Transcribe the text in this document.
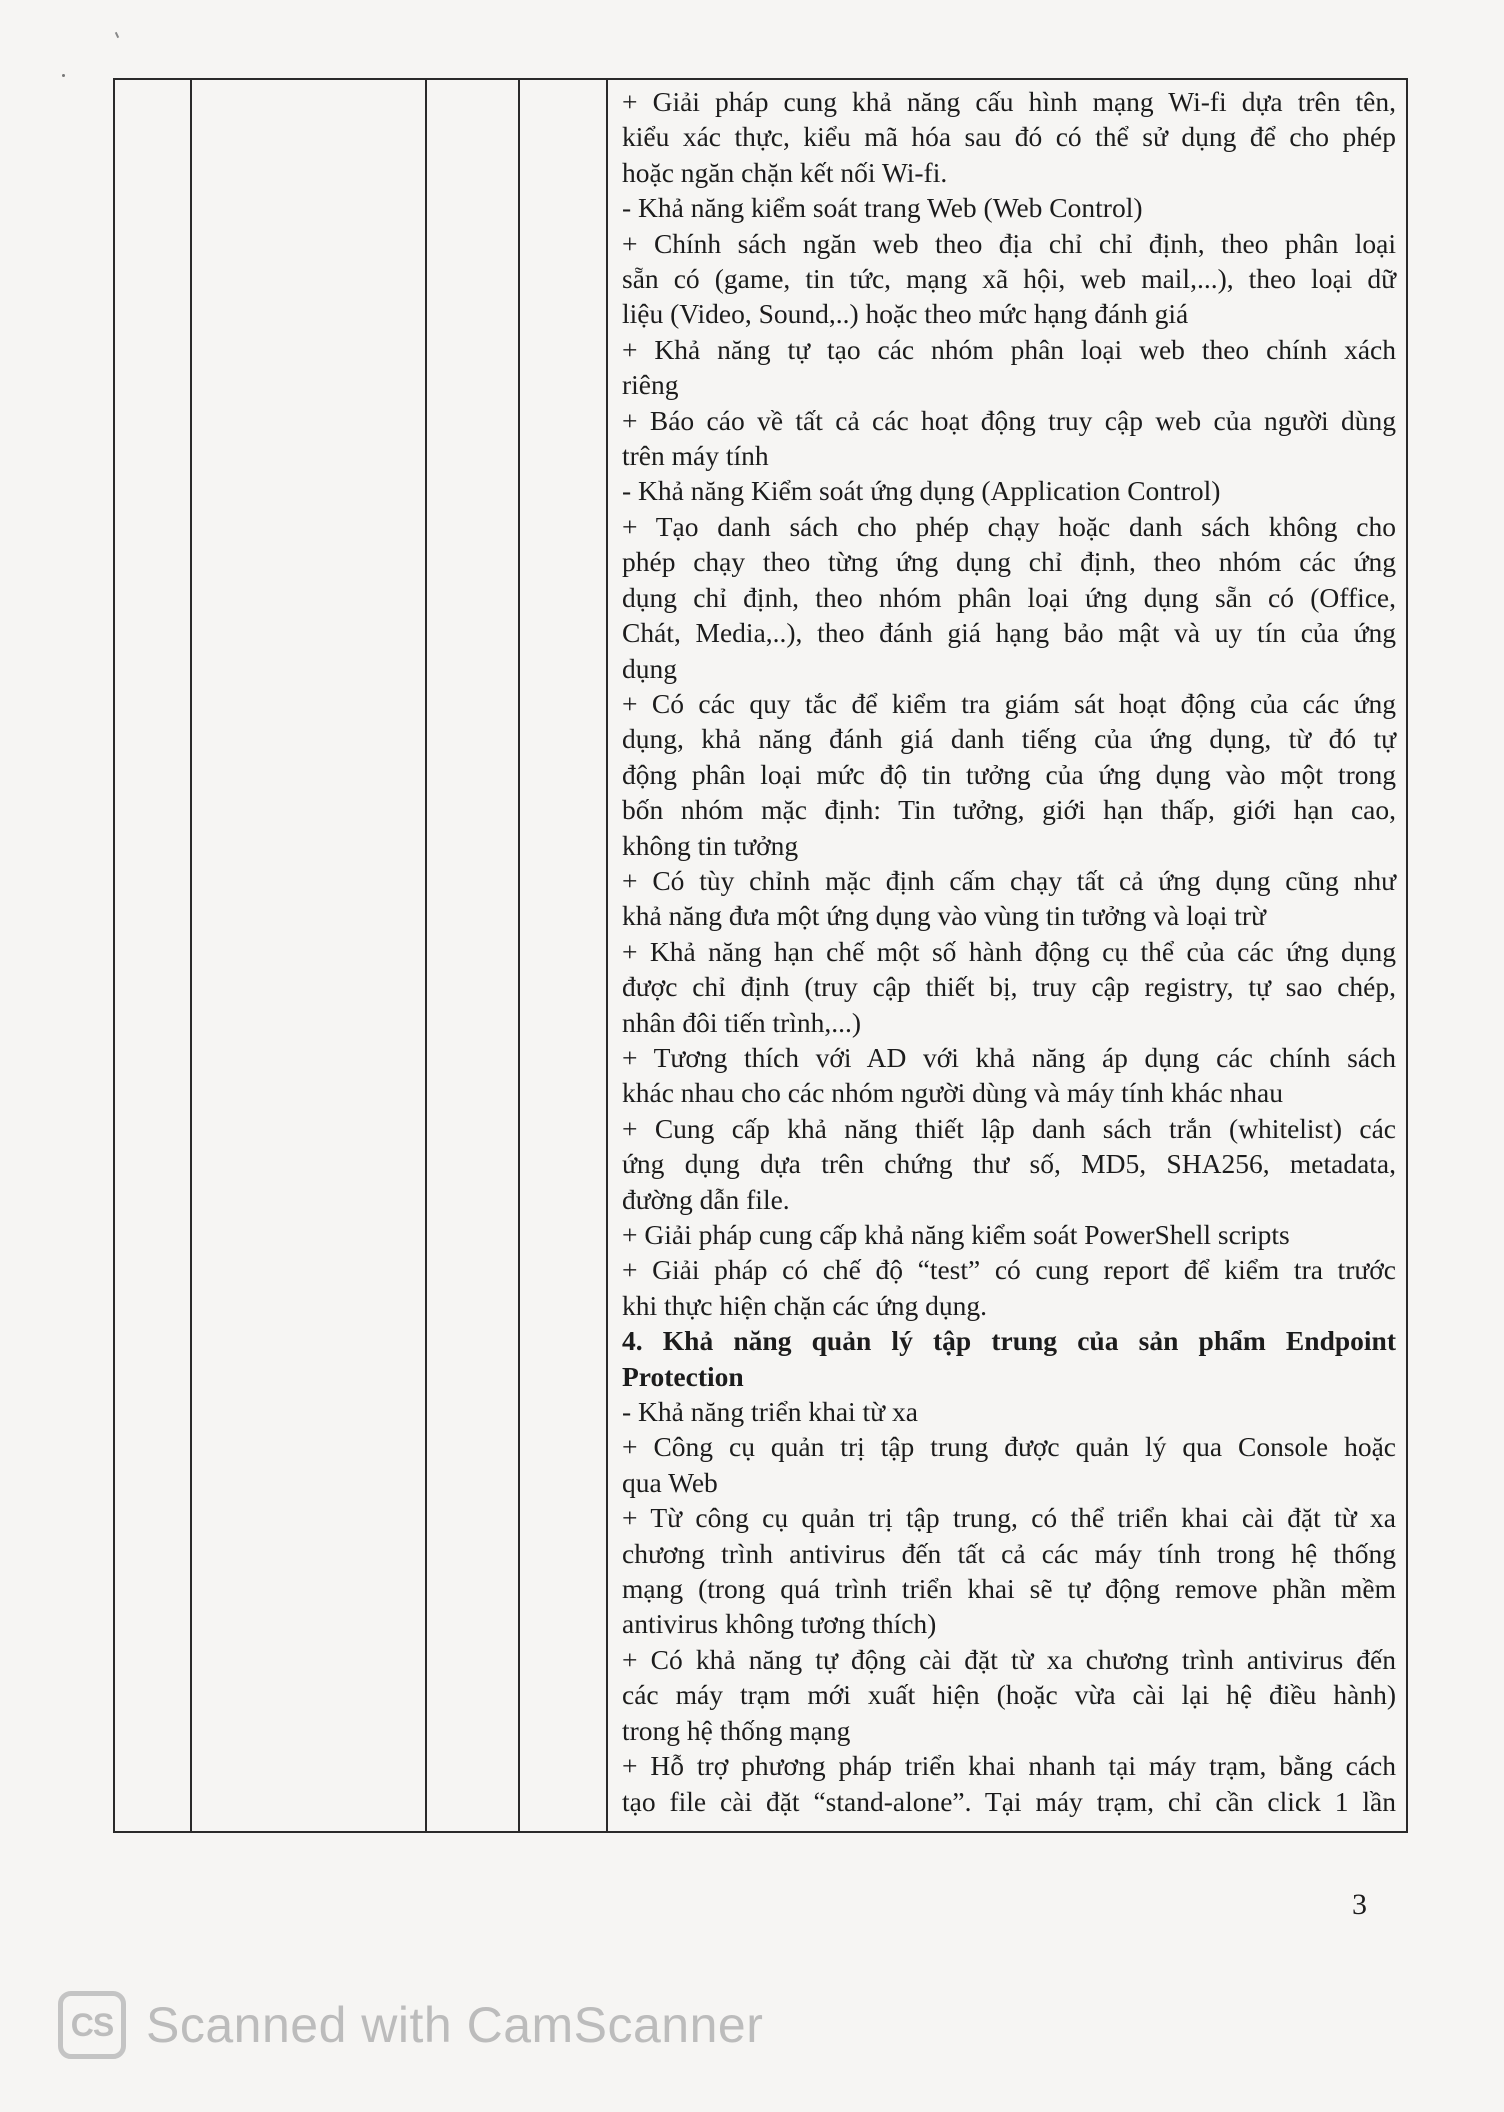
+ Giải pháp cung khả năng cấu hình mạng Wi-fi dựa trên tên,
kiểu xác thực, kiểu mã hóa sau đó có thể sử dụng để cho phép
hoặc ngăn chặn kết nối Wi-fi.
- Khả năng kiểm soát trang Web (Web Control)
+ Chính sách ngăn web theo địa chỉ chỉ định, theo phân loại
sẵn có (game, tin tức, mạng xã hội, web mail,...), theo loại dữ
liệu (Video, Sound,..) hoặc theo mức hạng đánh giá
+ Khả năng tự tạo các nhóm phân loại web theo chính xách
riêng
+ Báo cáo về tất cả các hoạt động truy cập web của người dùng
trên máy tính
- Khả năng Kiểm soát ứng dụng (Application Control)
+ Tạo danh sách cho phép chạy hoặc danh sách không cho
phép chạy theo từng ứng dụng chỉ định, theo nhóm các ứng
dụng chỉ định, theo nhóm phân loại ứng dụng sẵn có (Office,
Chát, Media,..), theo đánh giá hạng bảo mật và uy tín của ứng
dụng
+ Có các quy tắc để kiểm tra giám sát hoạt động của các ứng
dụng, khả năng đánh giá danh tiếng của ứng dụng, từ đó tự
động phân loại mức độ tin tưởng của ứng dụng vào một trong
bốn nhóm mặc định: Tin tưởng, giới hạn thấp, giới hạn cao,
không tin tưởng
+ Có tùy chỉnh mặc định cấm chạy tất cả ứng dụng cũng như
khả năng đưa một ứng dụng vào vùng tin tưởng và loại trừ
+ Khả năng hạn chế một số hành động cụ thể của các ứng dụng
được chỉ định (truy cập thiết bị, truy cập registry, tự sao chép,
nhân đôi tiến trình,...)
+ Tương thích với AD với khả năng áp dụng các chính sách
khác nhau cho các nhóm người dùng và máy tính khác nhau
+ Cung cấp khả năng thiết lập danh sách trắn (whitelist) các
ứng dụng dựa trên chứng thư số, MD5, SHA256, metadata,
đường dẫn file.
+ Giải pháp cung cấp khả năng kiểm soát PowerShell scripts
+ Giải pháp có chế độ “test” có cung report để kiểm tra trước
khi thực hiện chặn các ứng dụng.
4. Khả năng quản lý tập trung của sản phẩm Endpoint
Protection
- Khả năng triển khai từ xa
+ Công cụ quản trị tập trung được quản lý qua Console hoặc
qua Web
+ Từ công cụ quản trị tập trung, có thể triển khai cài đặt từ xa
chương trình antivirus đến tất cả các máy tính trong hệ thống
mạng (trong quá trình triển khai sẽ tự động remove phần mềm
antivirus không tương thích)
+ Có khả năng tự động cài đặt từ xa chương trình antivirus đến
các máy trạm mới xuất hiện (hoặc vừa cài lại hệ điều hành)
trong hệ thống mạng
+ Hỗ trợ phương pháp triển khai nhanh tại máy trạm, bằng cách
tạo file cài đặt “stand-alone”. Tại máy trạm, chỉ cần click 1 lần
3
CS Scanned with CamScanner
